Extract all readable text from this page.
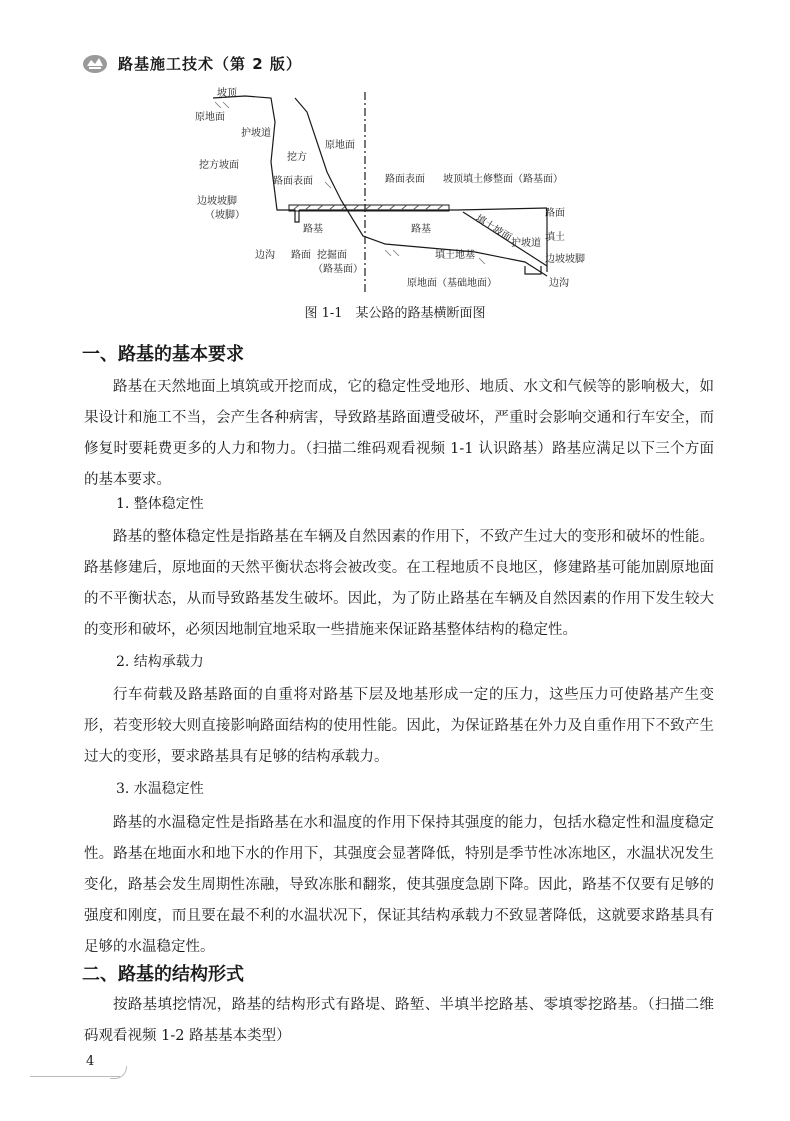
路基施工技术（第 2 版）
坡顶
原地面
护坡道
挖方坡面
挖方
原地面
路面表面
边坡坡脚
（坡脚）
路面表面 坡顶填土修整面（路基面）
填土坡面	路面
填土
护坡道
路基	路基
填土地基	边坡坡脚
边沟 路面 挖掘面
（路基面）
原地面（基础地面）	边沟
图 1-1　某公路的路基横断面图
一、路基的基本要求

路基在天然地面上填筑或开挖而成，它的稳定性受地形、地质、水文和气候等的影响极大，如果设计和施工不当，会产生各种病害，导致路基路面遭受破坏，严重时会影响交通和行车安全，而修复时要耗费更多的人力和物力。（扫描二维码观看视频 1-1 认识路基）路基应满足以下三个方面的基本要求。

1. 整体稳定性

路基的整体稳定性是指路基在车辆及自然因素的作用下，不致产生过大的变形和破坏的性能。路基修建后，原地面的天然平衡状态将会被改变。在工程地质不良地区，修建路基可能加剧原地面的不平衡状态，从而导致路基发生破坏。因此，为了防止路基在车辆及自然因素的作用下发生较大的变形和破坏，必须因地制宜地采取一些措施来保证路基整体结构的稳定性。

2. 结构承载力

行车荷载及路基路面的自重将对路基下层及地基形成一定的压力，这些压力可使路基产生变形，若变形较大则直接影响路面结构的使用性能。因此，为保证路基在外力及自重作用下不致产生过大的变形，要求路基具有足够的结构承载力。

3. 水温稳定性

路基的水温稳定性是指路基在水和温度的作用下保持其强度的能力，包括水稳定性和温度稳定性。路基在地面水和地下水的作用下，其强度会显著降低，特别是季节性冰冻地区，水温状况发生变化，路基会发生周期性冻融，导致冻胀和翻浆，使其强度急剧下降。因此，路基不仅要有足够的强度和刚度，而且要在最不利的水温状况下，保证其结构承载力不致显著降低，这就要求路基具有足够的水温稳定性。

二、路基的结构形式

按路基填挖情况，路基的结构形式有路堤、路堑、半填半挖路基、零填零挖路基。（扫描二维码观看视频 1-2 路基基本类型）

4
